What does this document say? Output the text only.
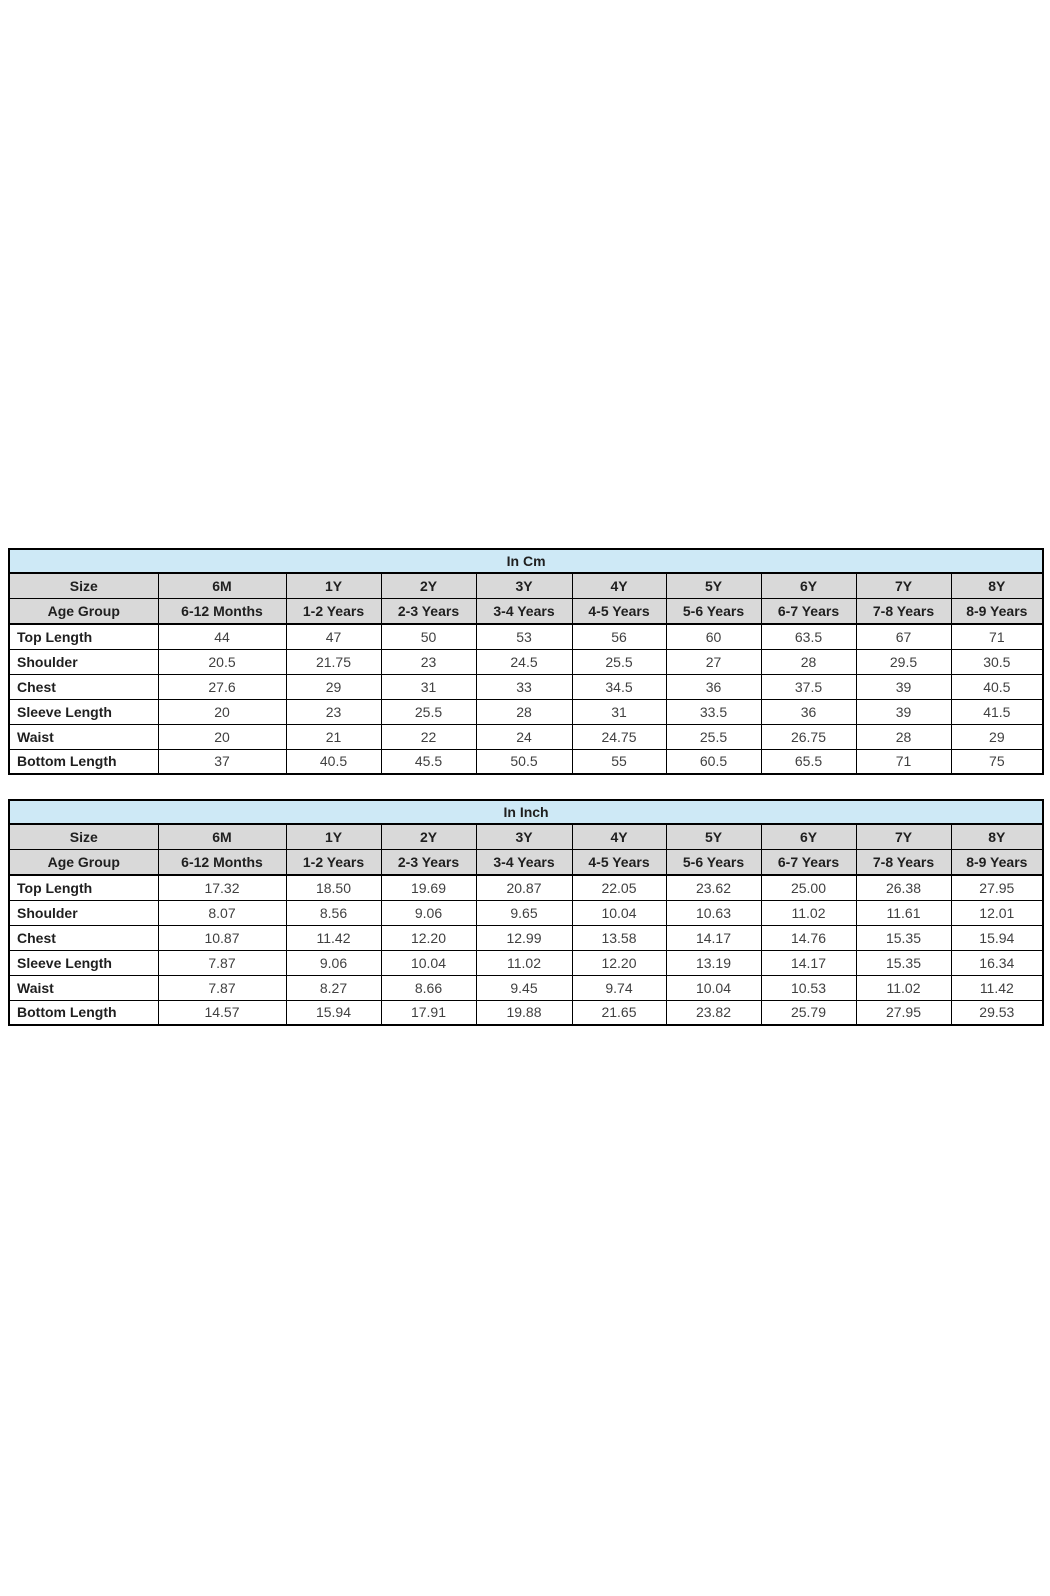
In Cm									
Size	6M	1Y	2Y	3Y	4Y	5Y	6Y	7Y	8Y
Age Group	6-12 Months	1-2 Years	2-3 Years	3-4 Years	4-5 Years	5-6 Years	6-7 Years	7-8 Years	8-9 Years
Top Length	44	47	50	53	56	60	63.5	67	71
Shoulder	20.5	21.75	23	24.5	25.5	27	28	29.5	30.5
Chest	27.6	29	31	33	34.5	36	37.5	39	40.5
Sleeve Length	20	23	25.5	28	31	33.5	36	39	41.5
Waist	20	21	22	24	24.75	25.5	26.75	28	29
Bottom Length	37	40.5	45.5	50.5	55	60.5	65.5	71	75
In Inch									
Size	6M	1Y	2Y	3Y	4Y	5Y	6Y	7Y	8Y
Age Group	6-12 Months	1-2 Years	2-3 Years	3-4 Years	4-5 Years	5-6 Years	6-7 Years	7-8 Years	8-9 Years
Top Length	17.32	18.50	19.69	20.87	22.05	23.62	25.00	26.38	27.95
Shoulder	8.07	8.56	9.06	9.65	10.04	10.63	11.02	11.61	12.01
Chest	10.87	11.42	12.20	12.99	13.58	14.17	14.76	15.35	15.94
Sleeve Length	7.87	9.06	10.04	11.02	12.20	13.19	14.17	15.35	16.34
Waist	7.87	8.27	8.66	9.45	9.74	10.04	10.53	11.02	11.42
Bottom Length	14.57	15.94	17.91	19.88	21.65	23.82	25.79	27.95	29.53
